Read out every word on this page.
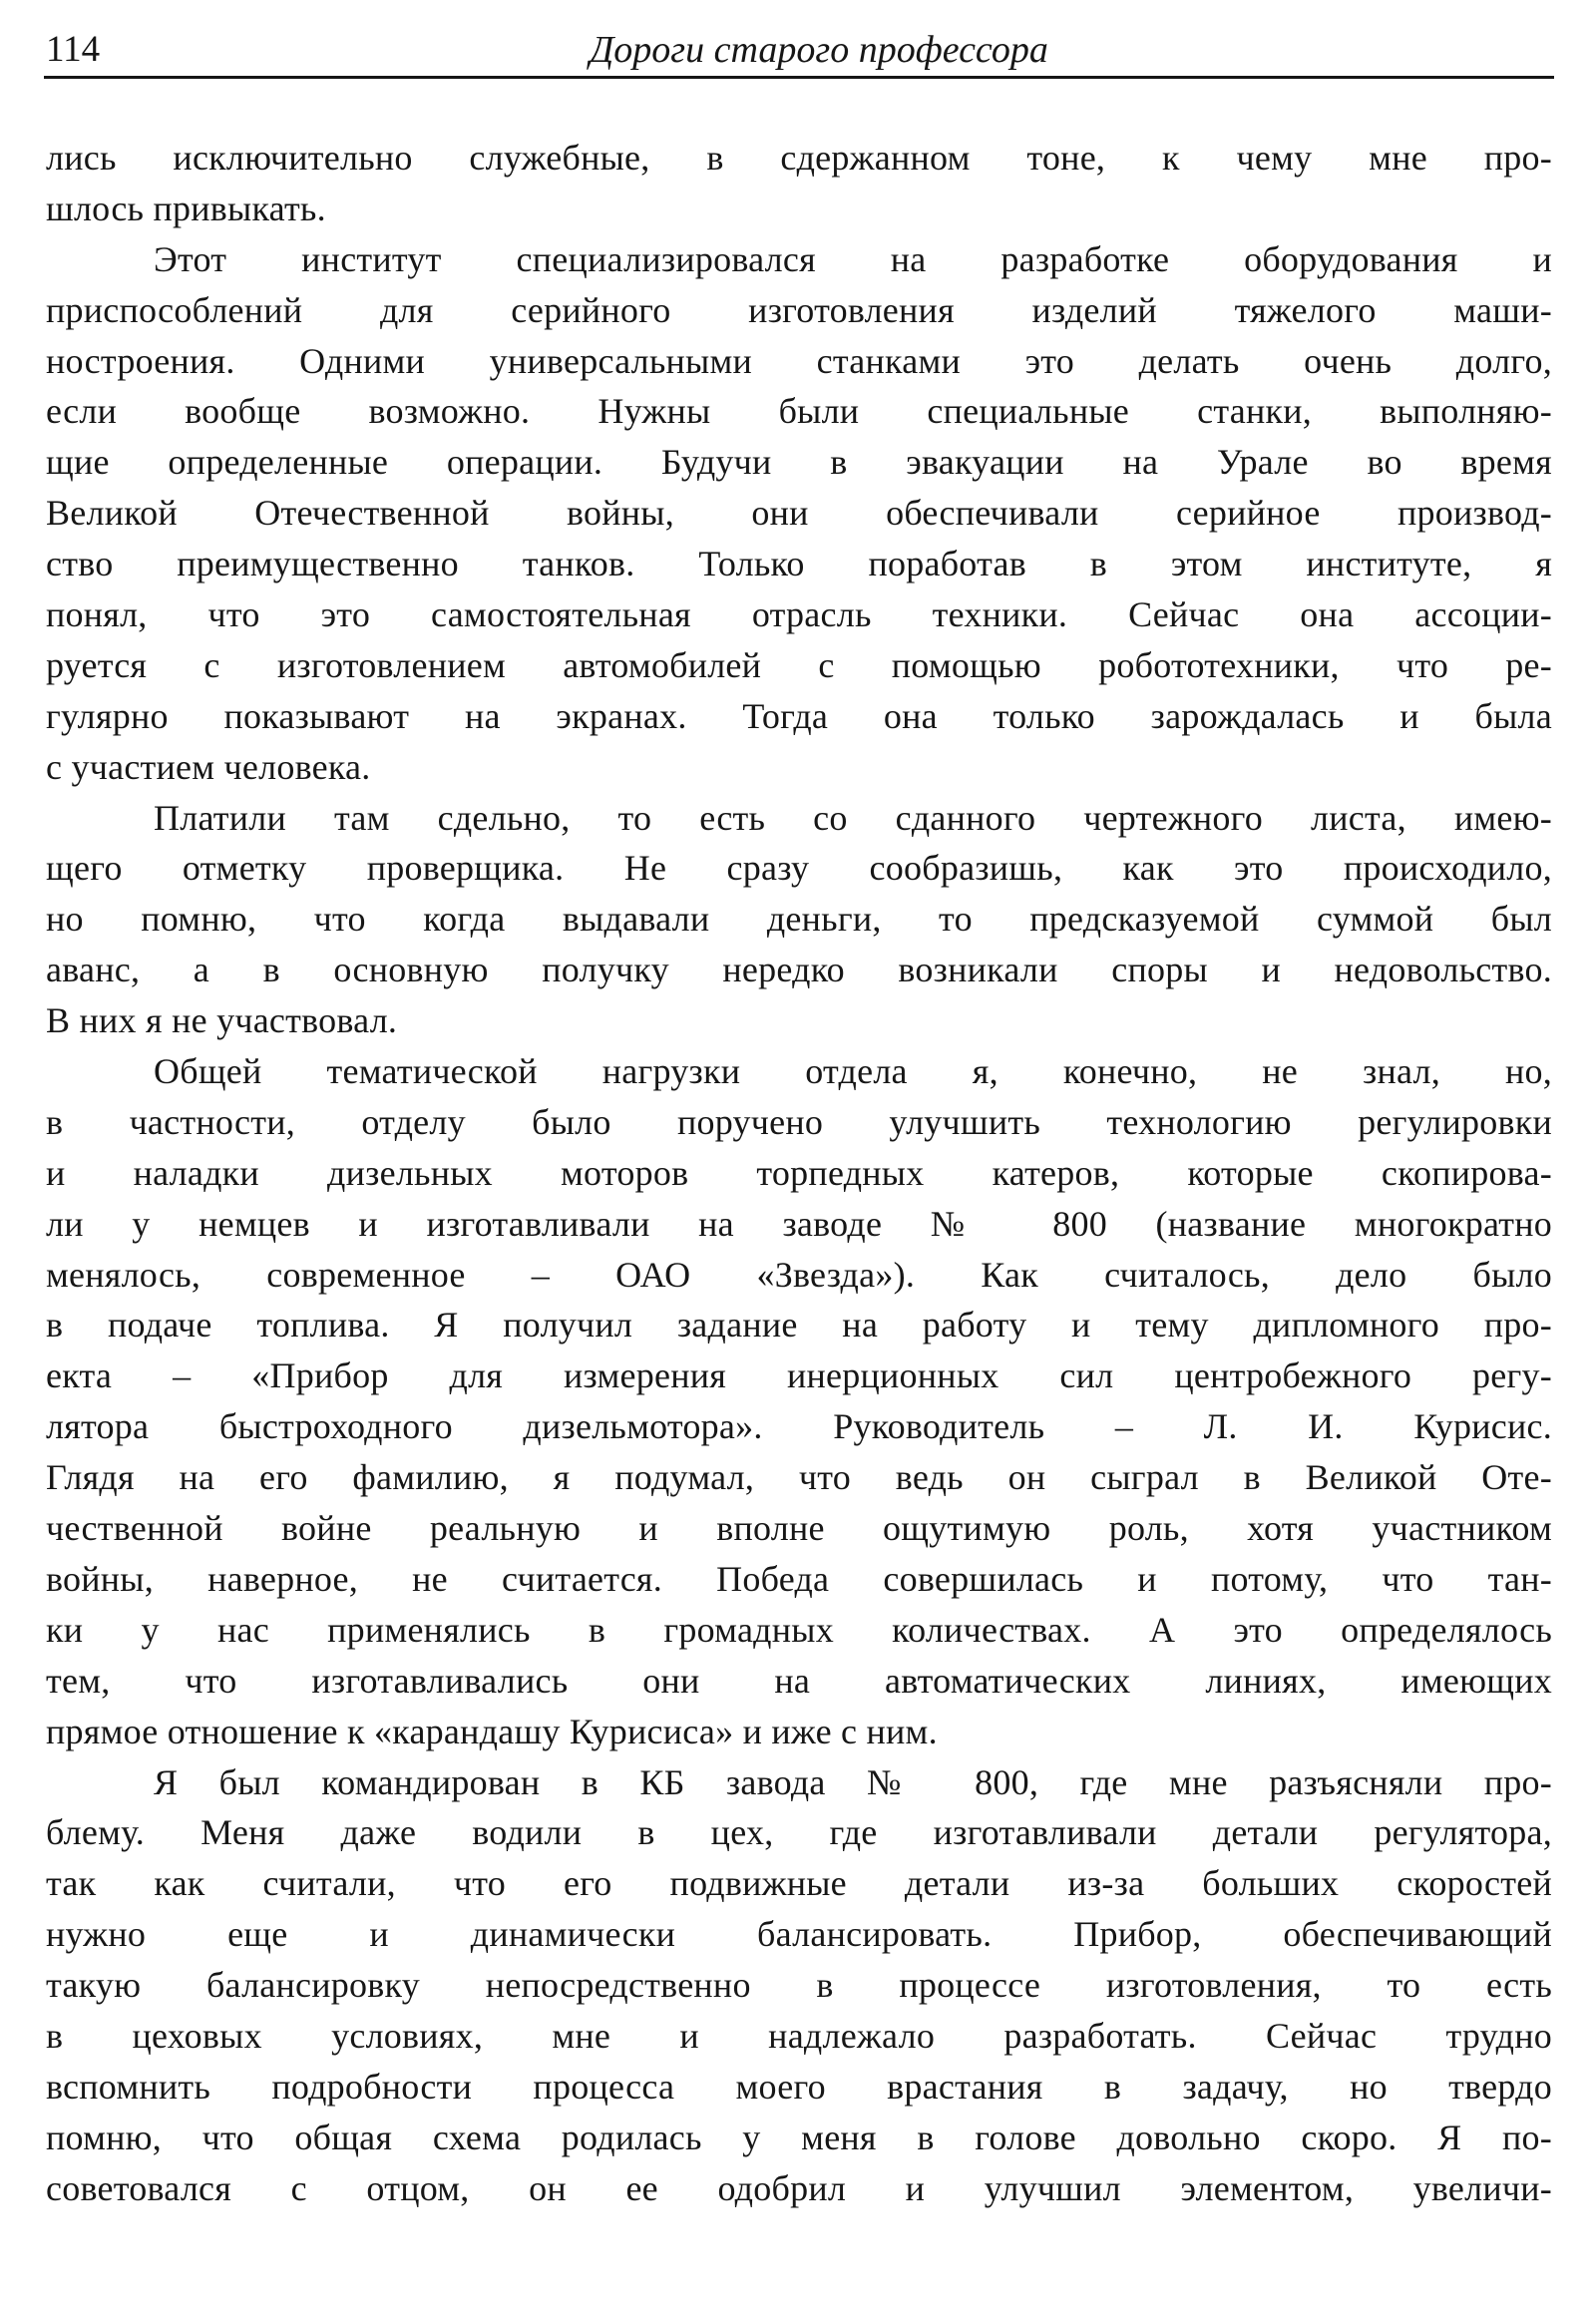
114	Дороги старого профессора
лись исключительно служебные, в сдержанном тоне, к чему мне про-
шлось привыкать.
Этот институт специализировался на разработке оборудования и
приспособлений для серийного изготовления изделий тяжелого маши-
ностроения. Одними универсальными станками это делать очень долго,
если вообще возможно. Нужны были специальные станки, выполняю-
щие определенные операции. Будучи в эвакуации на Урале во время
Великой Отечественной войны, они обеспечивали серийное производ-
ство преимущественно танков. Только поработав в этом институте, я
понял, что это самостоятельная отрасль техники. Сейчас она ассоции-
руется с изготовлением автомобилей с помощью робототехники, что ре-
гулярно показывают на экранах. Тогда она только зарождалась и была
с участием человека.
Платили там сдельно, то есть со сданного чертежного листа, имею-
щего отметку проверщика. Не сразу сообразишь, как это происходило,
но помню, что когда выдавали деньги, то предсказуемой суммой был
аванс, а в основную получку нередко возникали споры и недовольство.
В них я не участвовал.
Общей тематической нагрузки отдела я, конечно, не знал, но,
в частности, отделу было поручено улучшить технологию регулировки
и наладки дизельных моторов торпедных катеров, которые скопирова-
ли у немцев и изготавливали на заводе № 800 (название многократно
менялось, современное – ОАО «Звезда»). Как считалось, дело было
в подаче топлива. Я получил задание на работу и тему дипломного про-
екта – «Прибор для измерения инерционных сил центробежного регу-
лятора быстроходного дизельмотора». Руководитель – Л. И. Курисис.
Глядя на его фамилию, я подумал, что ведь он сыграл в Великой Оте-
чественной войне реальную и вполне ощутимую роль, хотя участником
войны, наверное, не считается. Победа совершилась и потому, что тан-
ки у нас применялись в громадных количествах. А это определялось
тем, что изготавливались они на автоматических линиях, имеющих
прямое отношение к «карандашу Курисиса» и иже с ним.
Я был командирован в КБ завода № 800, где мне разъясняли про-
блему. Меня даже водили в цех, где изготавливали детали регулятора,
так как считали, что его подвижные детали из-за больших скоростей
нужно еще и динамически балансировать. Прибор, обеспечивающий
такую балансировку непосредственно в процессе изготовления, то есть
в цеховых условиях, мне и надлежало разработать. Сейчас трудно
вспомнить подробности процесса моего врастания в задачу, но твердо
помню, что общая схема родилась у меня в голове довольно скоро. Я по-
советовался с отцом, он ее одобрил и улучшил элементом, увеличи-
